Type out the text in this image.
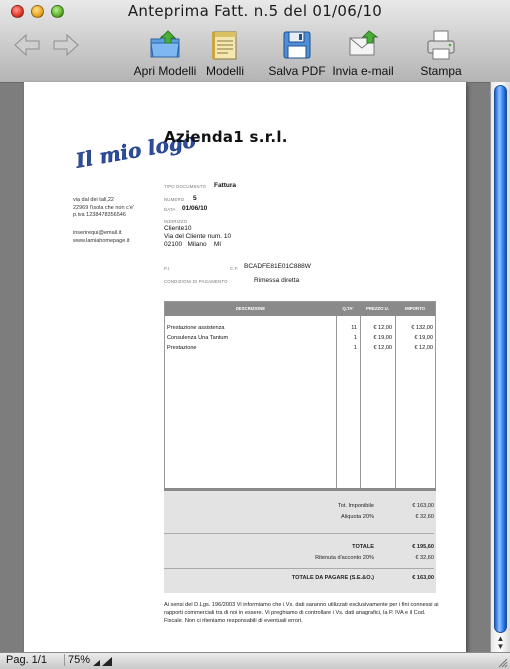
Anteprima Fatt. n.5 del 01/06/10
Apri Modelli Modelli Salva PDF Invia e-mail Stampa
Il mio logo
Azienda1 s.r.l.
via dal dei tali,22
22969 l'isola che non c'e'
p.iva 1238478356546
inserirequi@email.it
www.lamiahomepage.it
TIPO DOCUMENTO Fattura
NUMERO 5
DATA 01/06/10
INDIRIZZO
Cliente10
Via del Cliente num. 10
02100   Milano    MI
P.I.	C.F. BCADFE81E01C888W
CONDIZIONI DI PAGAMENTO	Rimessa diretta
DESCRIZIONE	Q.TA'	PREZZO U.	IMPORTO
Prestazione assistenza	11	€ 12,00	€ 132,00
Consulenza Una Tantum	1	€ 19,00	€ 19,00
Prestazione	1	€ 12,00	€ 12,00
Tot. Imponibile	€ 163,00
Aliquota 20%	€ 32,60
TOTALE	€ 195,60
Ritenuta d'acconto 20%	€ 32,60
TOTALE DA PAGARE (S.E.&O.)	€ 163,00
Ai sensi del D.Lgs. 196/2003 Vi informiamo che i Vs. dati saranno utilizzati esclusivamente per i fini connessi ai rapporti commerciali tra di noi in essere. Vi preghiamo di controllare i Vs. dati anagrafici, la P. IVA e il Cod. Fiscale. Non ci riteniamo responsabili di eventuali errori.
▲
▼
Pag. 1/1	75%
